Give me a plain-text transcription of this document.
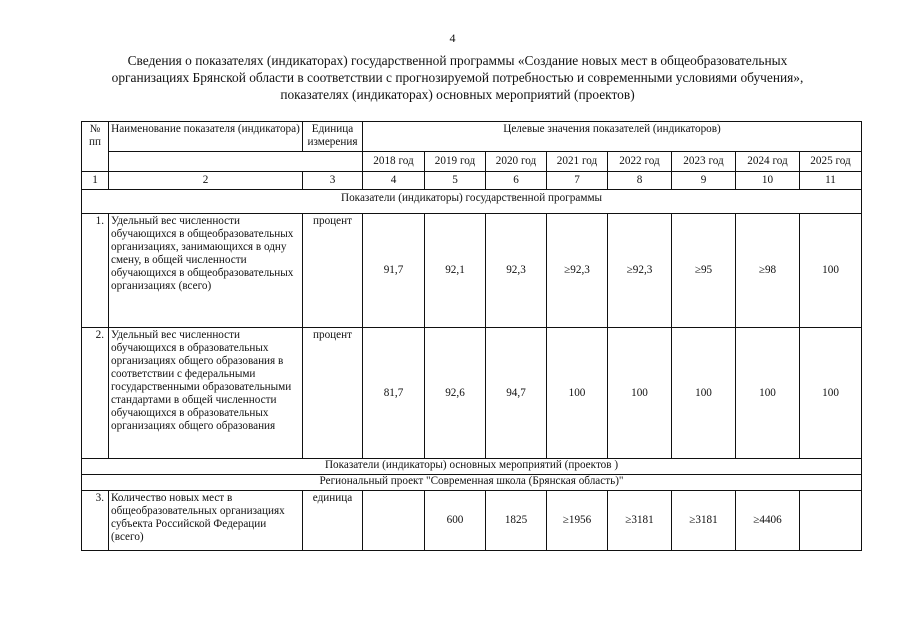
4
Сведения о показателях (индикаторах) государственной программы «Создание новых мест в общеобразовательных
организациях Брянской области в соответствии с прогнозируемой потребностью и современными условиями обучения»,
показателях (индикаторах) основных мероприятий (проектов)
№ пп	Наименование показателя (индикатора)	Единица измерения	Целевые значения показателей (индикаторов)							
			2018 год	2019 год	2020 год	2021 год	2022 год	2023 год	2024 год	2025 год
1	2	3	4	5	6	7	8	9	10	11
Показатели (индикаторы) государственной программы										
1.	Удельный вес численности обучающихся в общеобразовательных организациях, занимающихся в одну смену, в общей численности обучающихся в общеобразовательных организациях (всего)	процент	91,7	92,1	92,3	≥92,3	≥92,3	≥95	≥98	100
2.	Удельный вес численности обучающихся в образовательных организациях общего образования в соответствии с федеральными государственными образовательными стандартами в общей численности обучающихся в образовательных организациях общего образования	процент	81,7	92,6	94,7	100	100	100	100	100
Показатели (индикаторы) основных мероприятий (проектов )										
Региональный проект "Современная школа (Брянская область)"										
3.	Количество новых мест в общеобразовательных организациях субъекта Российской Федерации (всего)	единица		600	1825	≥1956	≥3181	≥3181	≥4406	
